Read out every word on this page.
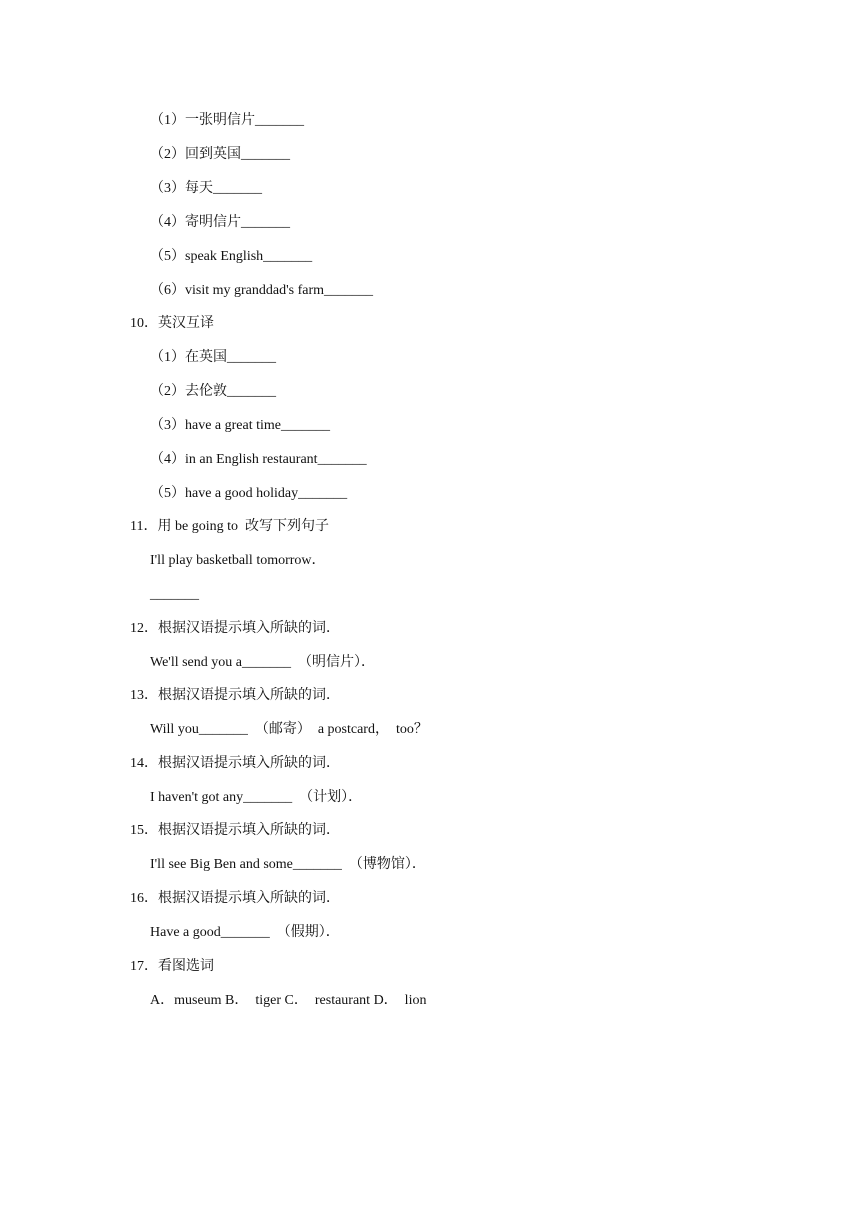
（1）一张明信片_______
（2）回到英国_______
（3）每天_______
（4）寄明信片_______
（5）speak English_______
（6）visit my granddad's farm_______
10．英汉互译
（1）在英国_______
（2）去伦敦_______
（3）have a great time_______
（4）in an English restaurant_______
（5）have a good holiday_______
11．用 be going to  改写下列句子
I'll play basketball tomorrow．
_______
12．根据汉语提示填入所缺的词．
We'll send you a_______  （明信片）．
13．根据汉语提示填入所缺的词．
Will you_______  （邮寄）  a postcard，  too？
14．根据汉语提示填入所缺的词．
I haven't got any_______  （计划）．
15．根据汉语提示填入所缺的词．
I'll see Big Ben and some_______  （博物馆）．
16．根据汉语提示填入所缺的词．
Have a good_______  （假期）．
17．看图选词
A．museum B．  tiger C．  restaurant D．  lion
